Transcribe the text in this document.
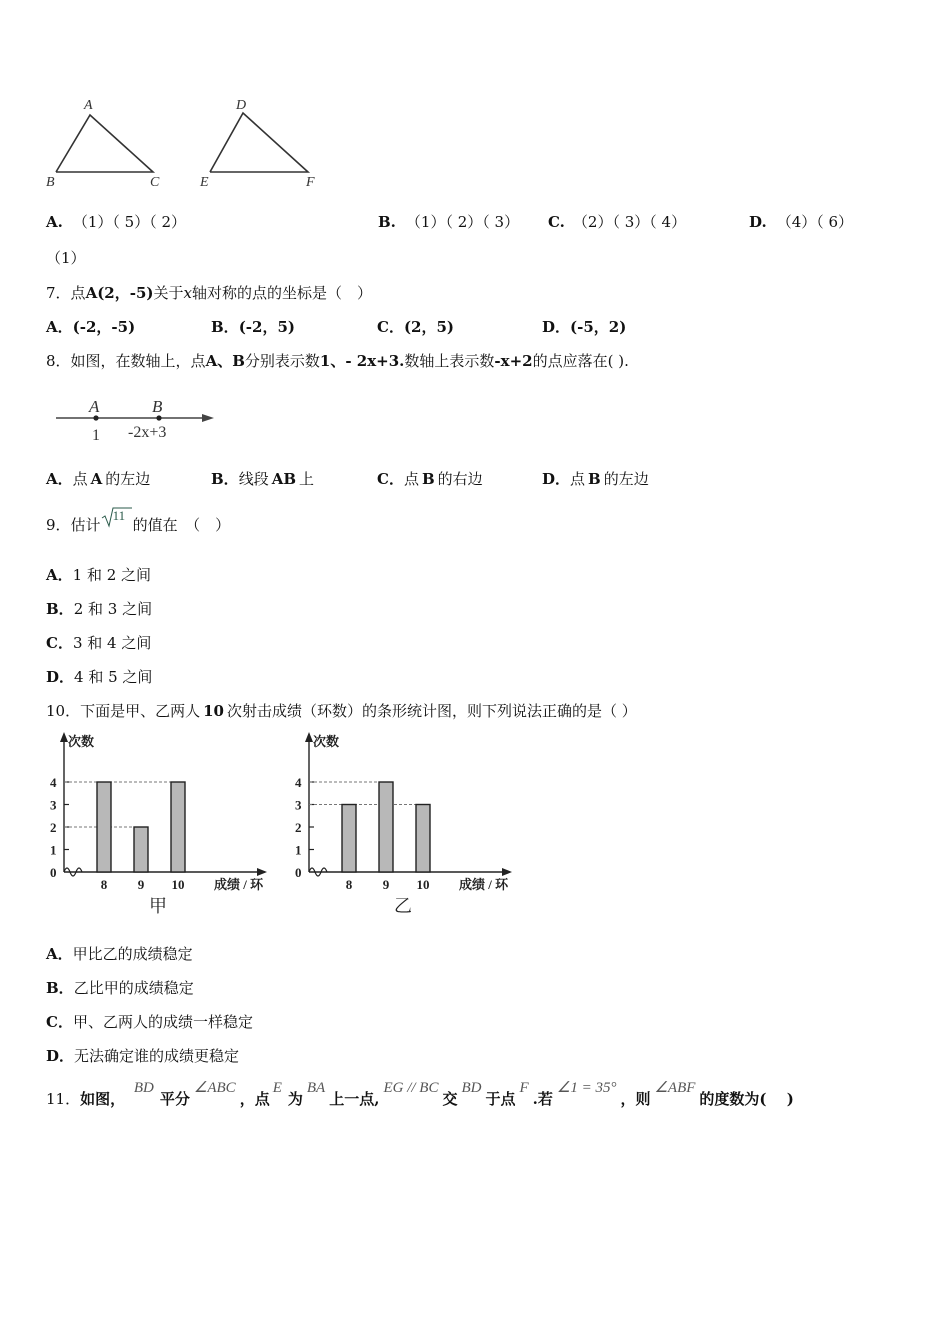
A
B	C
D
E	F
A. （1）（ 5）（ 2）	B. （1）（ 2）（ 3） C. （2）（ 3）（ 4）	D. （4）（ 6）
（1）
7．点A(2，-5)关于x轴对称的点的坐标是（　）
A．(-2，-5)	B．(-2，5)	C．(2，5)	D．(-5，2)
8．如图，在数轴上，点A、B分别表示数1、- 2x+3.数轴上表示数-x+2的点应落在( ).
A	B
1 -2x+3
A．点 A 的左边	B．线段 AB 上	C．点 B 的右边	D．点 B 的左边
9．估计
11
的值在　（　）
A．1 和 2 之间
B．2 和 3 之间
C．3 和 4 之间
D．4 和 5 之间
10．下面是甲、乙两人 10 次射击成绩（环数）的条形统计图，则下列说法正确的是（ ）
次数
0
1
2
3
4
8 9 10 成绩 / 环
甲
次数
0
1
2
3
4
8 9 10 成绩 / 环
乙
A．甲比乙的成绩稳定
B．乙比甲的成绩稳定
C．甲、乙两人的成绩一样稳定
D．无法确定谁的成绩更稳定
11．如图， BD平分∠ABC，点E为BA上一点,EG // BC交BD于点F.若∠1 = 35°，则∠ABF的度数为(　 )
